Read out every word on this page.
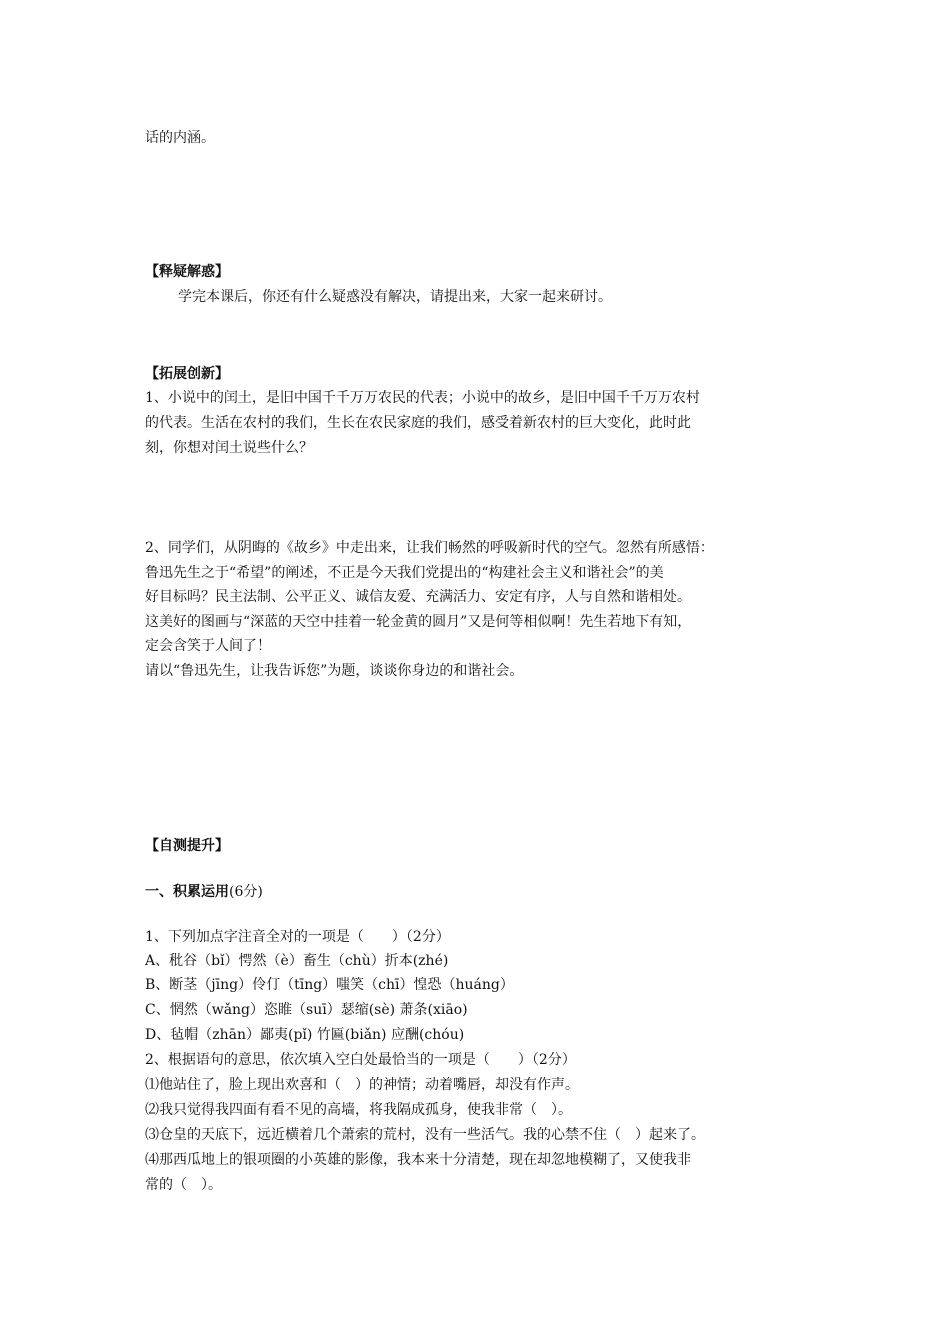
话的内涵。
【释疑解惑】
学完本课后，你还有什么疑惑没有解决，请提出来，大家一起来研讨。
【拓展创新】
1、小说中的闰土，是旧中国千千万万农民的代表；小说中的故乡，是旧中国千千万万农村
的代表。生活在农村的我们，生长在农民家庭的我们，感受着新农村的巨大变化，此时此
刻，你想对闰土说些什么？
2、同学们，从阴晦的《故乡》中走出来，让我们畅然的呼吸新时代的空气。忽然有所感悟：
鲁迅先生之于“希望”的阐述，不正是今天我们党提出的“构建社会主义和谐社会”的美
好目标吗？民主法制、公平正义、诚信友爱、充满活力、安定有序，人与自然和谐相处。
这美好的图画与“深蓝的天空中挂着一轮金黄的圆月”又是何等相似啊！先生若地下有知，
定会含笑于人间了！
请以“鲁迅先生，让我告诉您”为题，谈谈你身边的和谐社会。
【自测提升】
一、积累运用(6分)
1、下列加点字注音全对的一项是（　　）（2分）
A、秕谷（bǐ）愕然（è）畜生（chù）折本(zhé)
B、断茎（jīng）伶仃（tīng）嗤笑（chī）惶恐（huáng）
C、惘然（wǎng）恣睢（suī）瑟缩(sè) 萧条(xiāo)
D、毡帽（zhān）鄙夷(pǐ) 竹匾(biǎn) 应酬(chóu)
2、根据语句的意思，依次填入空白处最恰当的一项是（　　）（2分）
⑴他站住了，脸上现出欢喜和（　）的神情；动着嘴唇，却没有作声。
⑵我只觉得我四面有看不见的高墙，将我隔成孤身，使我非常（　）。
⑶仓皇的天底下，远近横着几个萧索的荒村，没有一些活气。我的心禁不住（　）起来了。
⑷那西瓜地上的银项圈的小英雄的影像，我本来十分清楚，现在却忽地模糊了，又使我非
常的（　）。
